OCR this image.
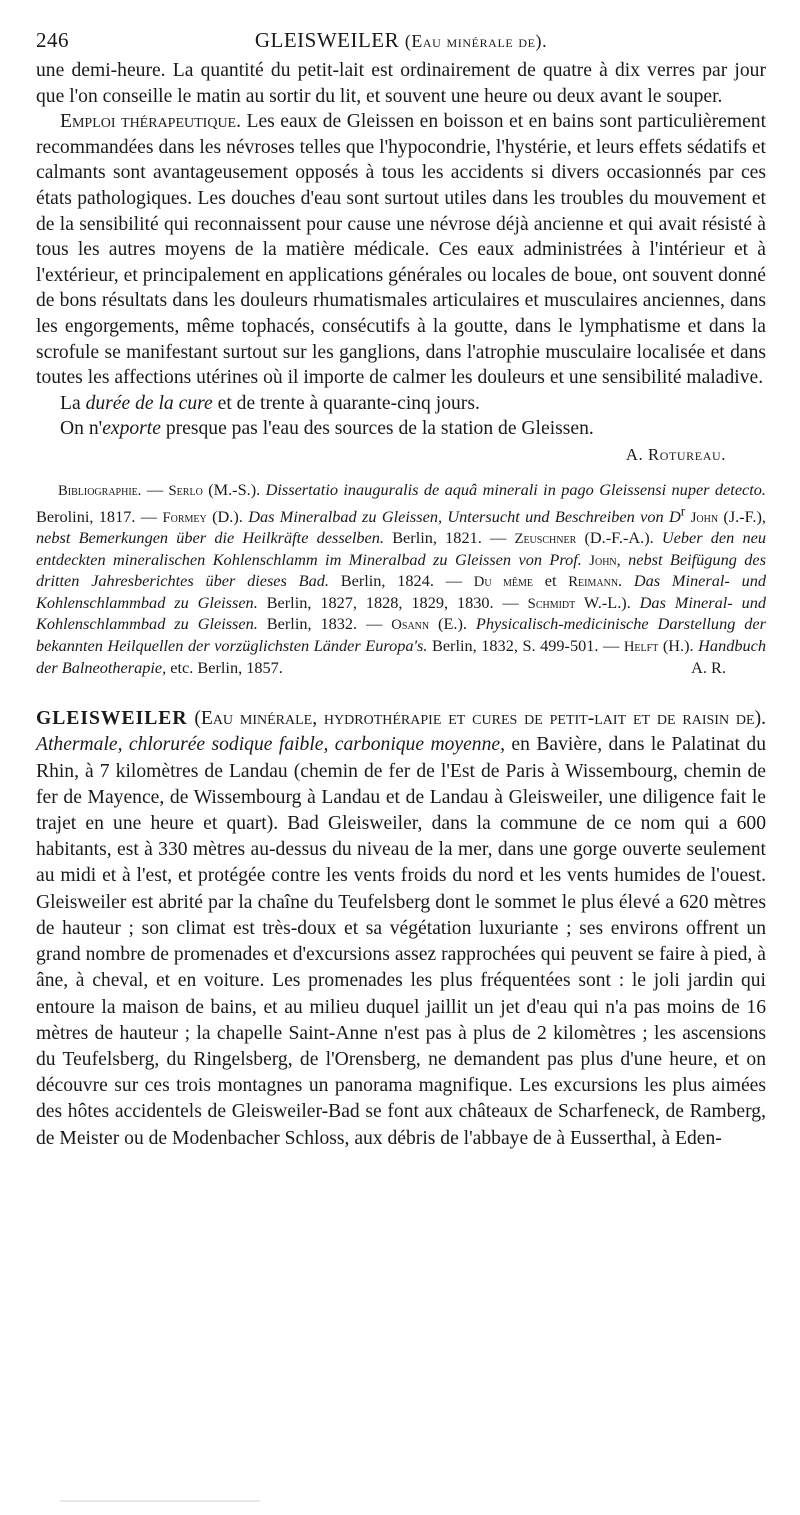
246	GLEISWEILER (Eau minérale de).

une demi-heure. La quantité du petit-lait est ordinairement de quatre à dix verres par jour que l'on conseille le matin au sortir du lit, et souvent une heure ou deux avant le souper.

Emploi thérapeutique. Les eaux de Gleissen en boisson et en bains sont particulièrement recommandées dans les névroses telles que l'hypocondrie, l'hystérie, et leurs effets sédatifs et calmants sont avantageusement opposés à tous les accidents si divers occasionnés par ces états pathologiques. Les douches d'eau sont surtout utiles dans les troubles du mouvement et de la sensibilité qui reconnaissent pour cause une névrose déjà ancienne et qui avait résisté à tous les autres moyens de la matière médicale. Ces eaux administrées à l'intérieur et à l'extérieur, et principalement en applications générales ou locales de boue, ont souvent donné de bons résultats dans les douleurs rhumatismales articulaires et musculaires anciennes, dans les engorgements, même tophacés, consécutifs à la goutte, dans le lymphatisme et dans la scrofule se manifestant surtout sur les ganglions, dans l'atrophie musculaire localisée et dans toutes les affections utérines où il importe de calmer les douleurs et une sensibilité maladive.

La durée de la cure et de trente à quarante-cinq jours.

On n'exporte presque pas l'eau des sources de la station de Gleissen.

A. Rotureau.

Bibliographie. — Serlo (M.-S.). Dissertatio inauguralis de aquâ minerali in pago Gleissensi nuper detecto. Berolini, 1817. — Formey (D.). Das Mineralbad zu Gleissen, Untersucht und Beschreiben von $D^r$ John (J.-F.), nebst Bemerkungen über die Heilkräfte desselben. Berlin, 1821. — Zeuschner (D.-F.-A.). Ueber den neu entdeckten mineralischen Kohlenschlamm im Mineralbad zu Gleissen von Prof. John, nebst Beifügung des dritten Jahresberichtes über dieses Bad. Berlin, 1824. — Du même et Reimann. Das Mineral- und Kohlenschlammbad zu Gleissen. Berlin, 1827, 1828, 1829, 1830. — Schmidt W.-L.). Das Mineral- und Kohlenschlammbad zu Gleissen. Berlin, 1832. — Osann (E.). Physicalisch-medicinische Darstellung der bekannten Heilquellen der vorzüglichsten Länder Europa's. Berlin, 1832, S. 499-501. — Helft (H.). Handbuch der Balneotherapie, etc. Berlin, 1857.	A. R.
GLEISWEILER (Eau minérale, hydrothérapie et cures de petit-lait et de raisin de). Athermale, chlorurée sodique faible, carbonique moyenne, en Bavière, dans le Palatinat du Rhin, à 7 kilomètres de Landau (chemin de fer de l'Est de Paris à Wissembourg, chemin de fer de Mayence, de Wissembourg à Landau et de Landau à Gleisweiler, une diligence fait le trajet en une heure et quart). Bad Gleisweiler, dans la commune de ce nom qui a 600 habitants, est à 330 mètres au-dessus du niveau de la mer, dans une gorge ouverte seulement au midi et à l'est, et protégée contre les vents froids du nord et les vents humides de l'ouest. Gleisweiler est abrité par la chaîne du Teufelsberg dont le sommet le plus élevé a 620 mètres de hauteur ; son climat est très-doux et sa végétation luxuriante ; ses environs offrent un grand nombre de promenades et d'excursions assez rapprochées qui peuvent se faire à pied, à âne, à cheval, et en voiture. Les promenades les plus fréquentées sont : le joli jardin qui entoure la maison de bains, et au milieu duquel jaillit un jet d'eau qui n'a pas moins de 16 mètres de hauteur ; la chapelle Saint-Anne n'est pas à plus de 2 kilomètres ; les ascensions du Teufelsberg, du Ringelsberg, de l'Orensberg, ne demandent pas plus d'une heure, et on découvre sur ces trois montagnes un panorama magnifique. Les excursions les plus aimées des hôtes accidentels de Gleisweiler-Bad se font aux châteaux de Scharfeneck, de Ramberg, de Meister ou de Modenbacher Schloss, aux débris de l'abbaye de à Eusserthal, à Eden-
